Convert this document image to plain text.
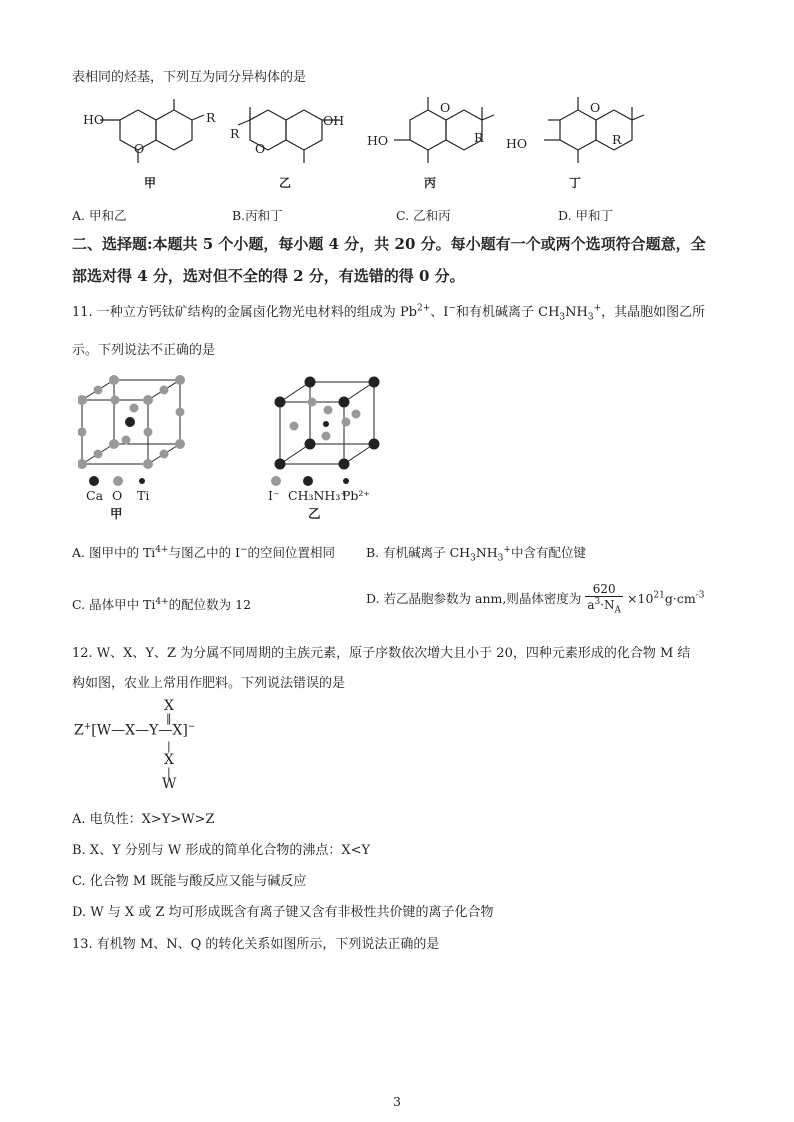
表相同的烃基，下列互为同分异构体的是
HO
O
R
R
O
OH
HO
O
R HO
O
R
甲	乙	丙	丁
A. 甲和乙	B.丙和丁	C. 乙和丙	D. 甲和丁
二、选择题:本题共 5 个小题，每小题 4 分，共 20 分。每小题有一个或两个选项符合题意，全
部选对得 4 分，选对但不全的得 2 分，有选错的得 0 分。
11. 一种立方钙钛矿结构的金属卤化物光电材料的组成为 $Pb^{2+}$、I−和有机碱离子 $CH_3NH_3^+$，其晶胞如图乙所
示。下列说法不正确的是
Ca O Ti
甲
I⁻ CH₃NH₃⁺
Pb²⁺
乙
A. 图甲中的 $Ti^{4+}$与图乙中的 I−的空间位置相同 B. 有机碱离子 $CH_3NH_3^+$中含有配位键
C. 晶体甲中 $Ti^{4+}$的配位数为 12	D. 若乙晶胞参数为 anm,则晶体密度为 $\frac{620}{a^3\cdot N_A} \times 10^{21}g\cdot cm^{-3}$
12. W、X、Y、Z 为分属不同周期的主族元素，原子序数依次增大且小于 20，四种元素形成的化合物 M 结
构如图，农业上常用作肥料。下列说法错误的是
X
‖
Z+[W—X—Y—X]−
|
X
|
W
A. 电负性：X>Y>W>Z
B. X、Y 分别与 W 形成的简单化合物的沸点：X<Y
C. 化合物 M 既能与酸反应又能与碱反应
D. W 与 X 或 Z 均可形成既含有离子键又含有非极性共价键的离子化合物
13. 有机物 M、N、Q 的转化关系如图所示，下列说法正确的是
3
